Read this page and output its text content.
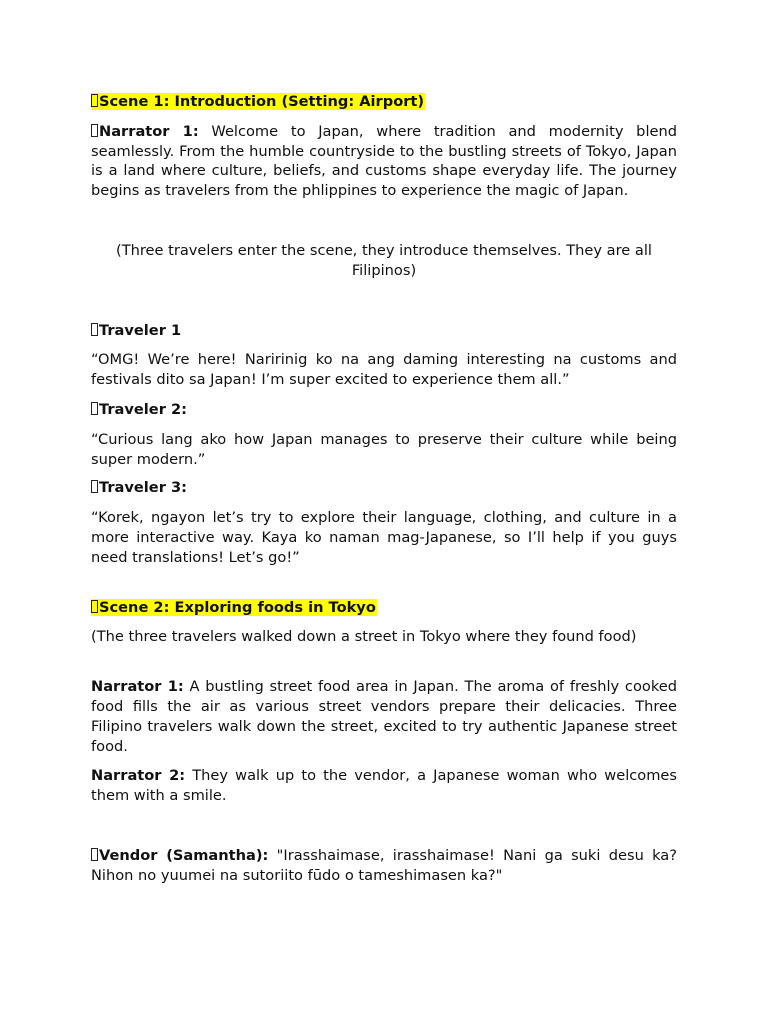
Scene 1: Introduction (Setting: Airport)

Narrator 1: Welcome to Japan, where tradition and modernity blend seamlessly. From the humble countryside to the bustling streets of Tokyo, Japan is a land where culture, beliefs, and customs shape everyday life. The journey begins as travelers from the phlippines to experience the magic of Japan.

(Three travelers enter the scene, they introduce themselves. They are all Filipinos)

Traveler 1

“OMG! We’re here! Naririnig ko na ang daming interesting na customs and festivals dito sa Japan! I’m super excited to experience them all.”

Traveler 2:

“Curious lang ako how Japan manages to preserve their culture while being super modern.”

Traveler 3:

“Korek, ngayon let’s try to explore their language, clothing, and culture in a more interactive way. Kaya ko naman mag-Japanese, so I’ll help if you guys need translations! Let’s go!”

Scene 2: Exploring foods in Tokyo

(The three travelers walked down a street in Tokyo where they found food)

Narrator 1: A bustling street food area in Japan. The aroma of freshly cooked food fills the air as various street vendors prepare their delicacies. Three Filipino travelers walk down the street, excited to try authentic Japanese street food.

Narrator 2: They walk up to the vendor, a Japanese woman who welcomes them with a smile.

Vendor (Samantha): "Irasshaimase, irasshaimase! Nani ga suki desu ka? Nihon no yuumei na sutoriito fūdo o tameshimasen ka?"
